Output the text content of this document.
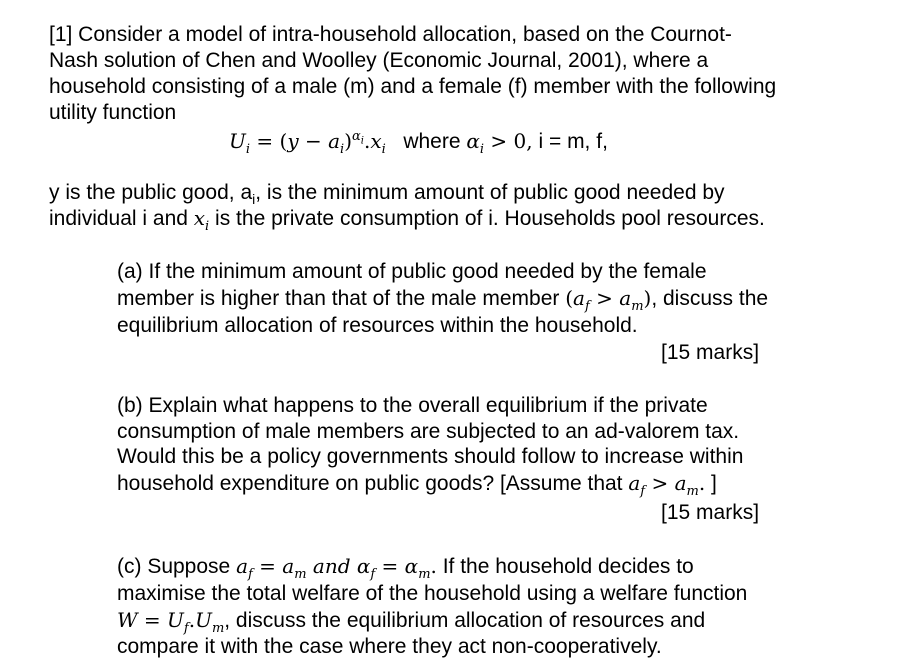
[1] Consider a model of intra-household allocation, based on the Cournot-
Nash solution of Chen and Woolley (Economic Journal, 2001), where a
household consisting of a male (m) and a female (f) member with the following
utility function
$U_i = (y - a_i)^{\alpha_i}.x_i$ where $\alpha_i > 0$, i = m, f,
y is the public good, $a_i$, is the minimum amount of public good needed by
individual i and $x_i$ is the private consumption of i. Households pool resources.
(a) If the minimum amount of public good needed by the female
member is higher than that of the male member $(a_f > a_m)$, discuss the
equilibrium allocation of resources within the household.
[15 marks]
(b) Explain what happens to the overall equilibrium if the private
consumption of male members are subjected to an ad-valorem tax.
Would this be a policy governments should follow to increase within
household expenditure on public goods? [Assume that $a_f > a_m$. ]
[15 marks]
(c) Suppose $a_f = a_m$ and $\alpha_f = \alpha_m$. If the household decides to
maximise the total welfare of the household using a welfare function
$W = U_f.U_m$, discuss the equilibrium allocation of resources and
compare it with the case where they act non-cooperatively.
